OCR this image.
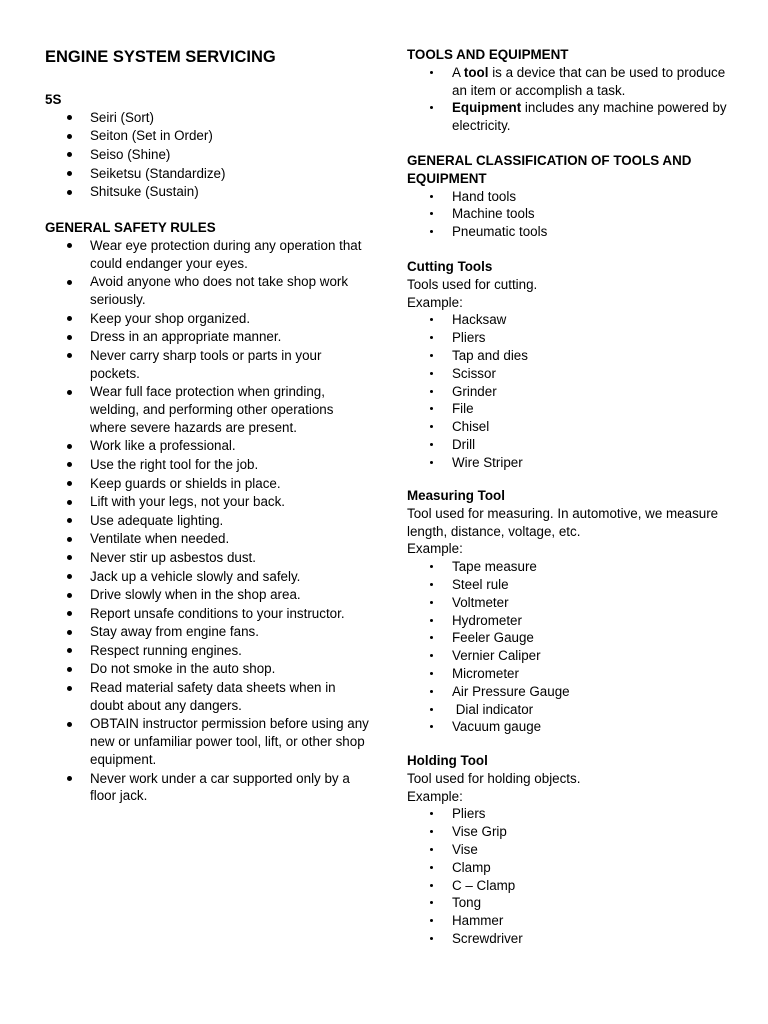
ENGINE SYSTEM SERVICING
5S
Seiri (Sort)
Seiton (Set in Order)
Seiso (Shine)
Seiketsu (Standardize)
Shitsuke (Sustain)
GENERAL SAFETY RULES
Wear eye protection during any operation that could endanger your eyes.
Avoid anyone who does not take shop work seriously.
Keep your shop organized.
Dress in an appropriate manner.
Never carry sharp tools or parts in your pockets.
Wear full face protection when grinding, welding, and performing other operations where severe hazards are present.
Work like a professional.
Use the right tool for the job.
Keep guards or shields in place.
Lift with your legs, not your back.
Use adequate lighting.
Ventilate when needed.
Never stir up asbestos dust.
Jack up a vehicle slowly and safely.
Drive slowly when in the shop area.
Report unsafe conditions to your instructor.
Stay away from engine fans.
Respect running engines.
Do not smoke in the auto shop.
Read material safety data sheets when in doubt about any dangers.
OBTAIN instructor permission before using any new or unfamiliar power tool, lift, or other shop equipment.
Never work under a car supported only by a floor jack.
TOOLS AND EQUIPMENT
A tool is a device that can be used to produce an item or accomplish a task.
Equipment includes any machine powered by electricity.
GENERAL CLASSIFICATION OF TOOLS AND EQUIPMENT
Hand tools
Machine tools
Pneumatic tools
Cutting Tools
Tools used for cutting.
Example:
Hacksaw
Pliers
Tap and dies
Scissor
Grinder
File
Chisel
Drill
Wire Striper
Measuring Tool
Tool used for measuring. In automotive, we measure length, distance, voltage, etc.
Example:
Tape measure
Steel rule
Voltmeter
Hydrometer
Feeler Gauge
Vernier Caliper
Micrometer
Air Pressure Gauge
Dial indicator
Vacuum gauge
Holding Tool
Tool used for holding objects.
Example:
Pliers
Vise Grip
Vise
Clamp
C – Clamp
Tong
Hammer
Screwdriver
